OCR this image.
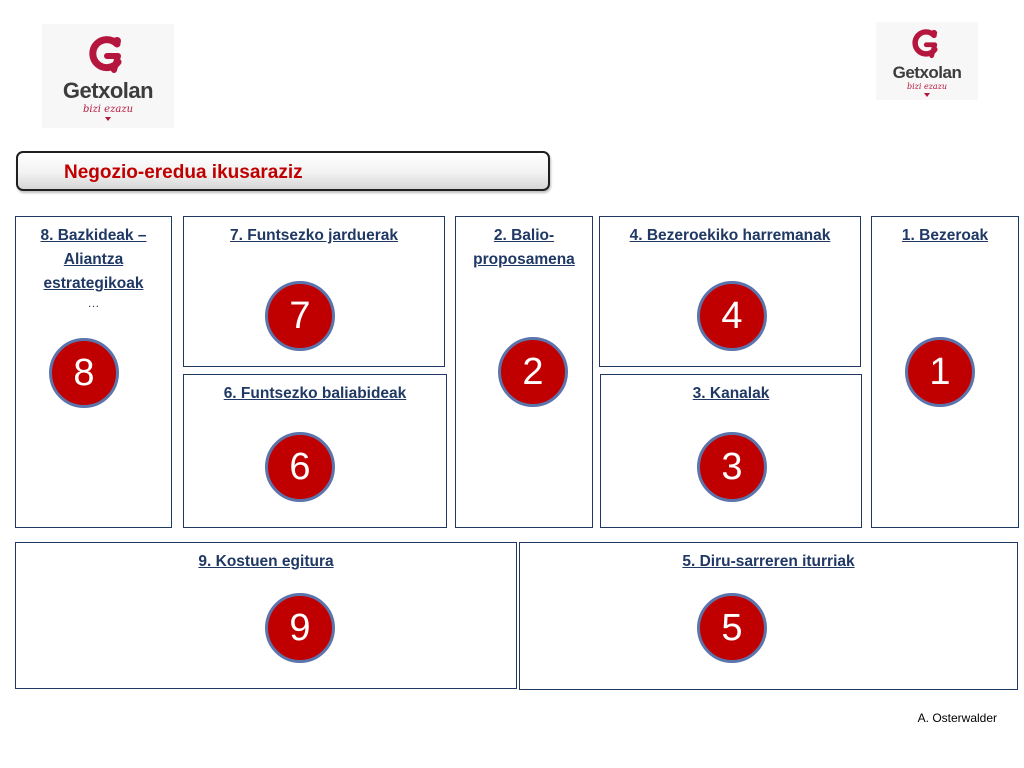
Getxolan
bizi ezazu
Getxolan
bizi ezazu
Negozio-eredua ikusaraziz
8. Bazkideak – Aliantza estrategikoak
…
7. Funtsezko jarduerak
6. Funtsezko baliabideak
2. Balio-proposamena
4. Bezeroekiko harremanak
3. Kanalak
1. Bezeroak
9. Kostuen egitura	5. Diru-sarreren iturriak
8
7
6
2
4
3
1
9	5
A. Osterwalder
